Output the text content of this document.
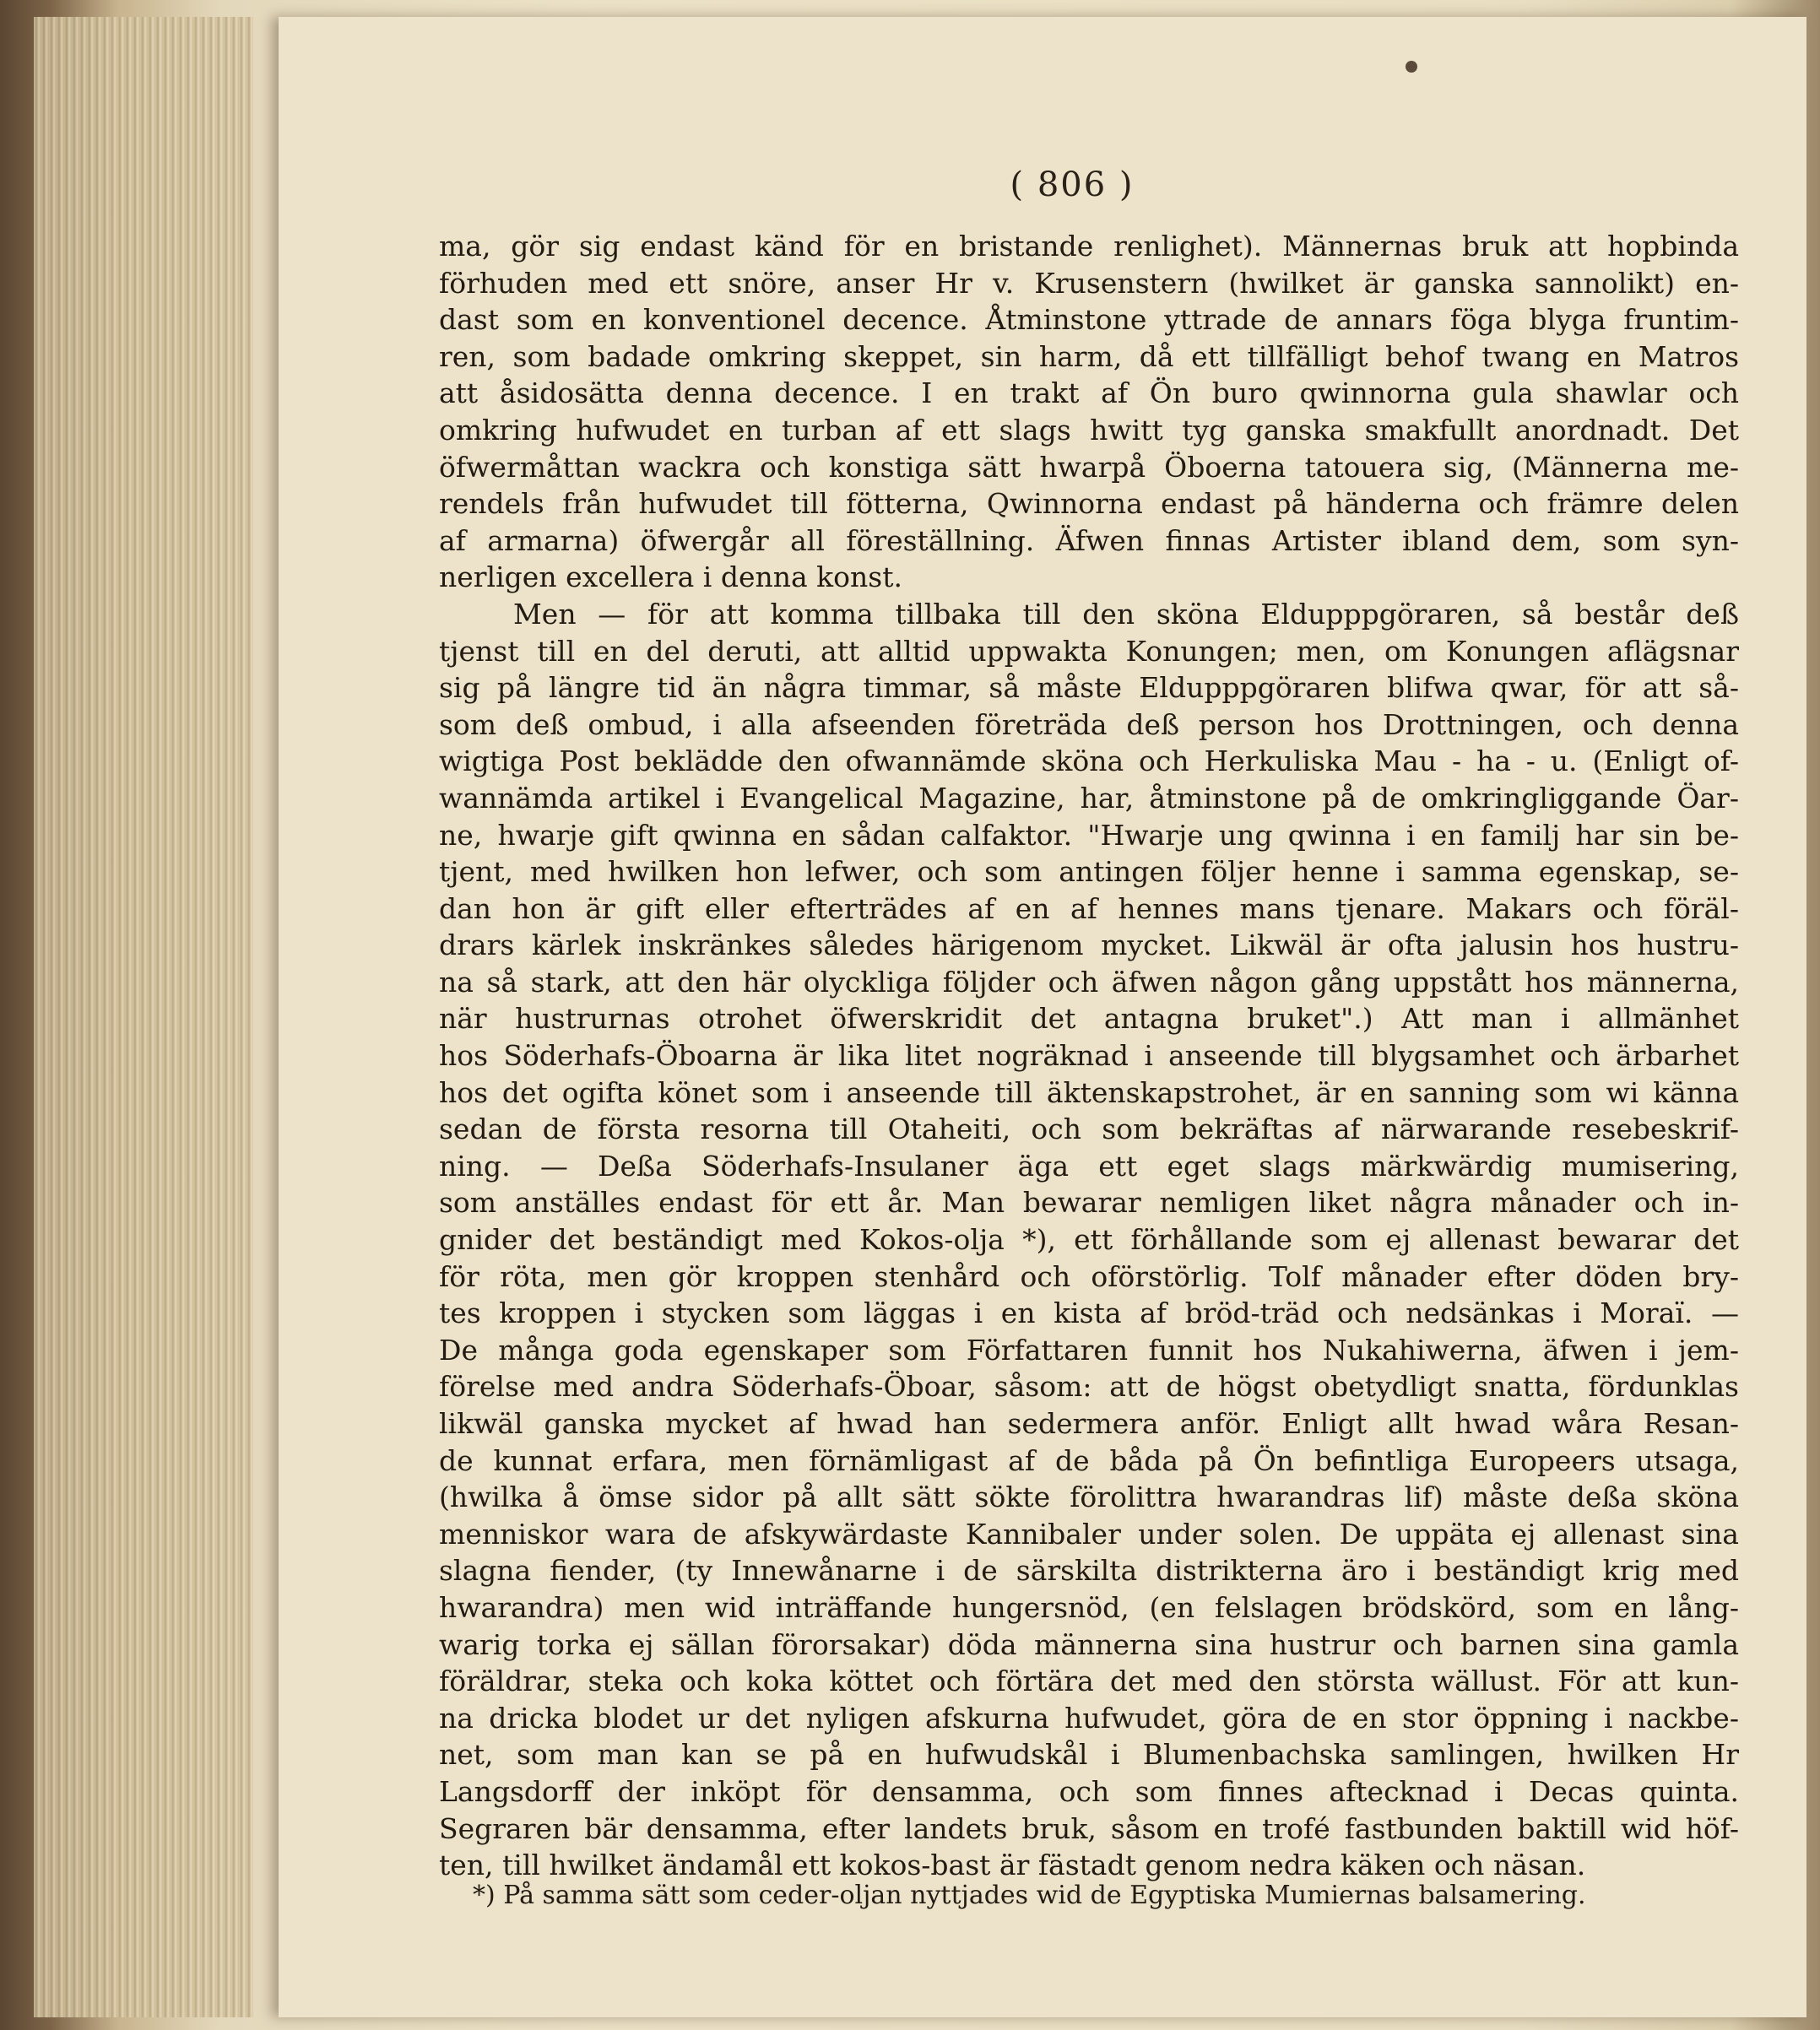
( 806 )
ma, gör sig endast känd för en bristande renlighet). Männernas bruk att hopbinda
förhuden med ett snöre, anser Hr v. Krusenstern (hwilket är ganska sannolikt) en-
dast som en konventionel decence. Åtminstone yttrade de annars föga blyga fruntim-
ren, som badade omkring skeppet, sin harm, då ett tillfälligt behof twang en Matros
att åsidosätta denna decence. I en trakt af Ön buro qwinnorna gula shawlar och
omkring hufwudet en turban af ett slags hwitt tyg ganska smakfullt anordnadt. Det
öfwermåttan wackra och konstiga sätt hwarpå Öboerna tatouera sig, (Männerna me-
rendels från hufwudet till fötterna, Qwinnorna endast på händerna och främre delen
af armarna) öfwergår all föreställning. Äfwen finnas Artister ibland dem, som syn-
nerligen excellera i denna konst.
Men — för att komma tillbaka till den sköna Eldupppgöraren, så består deß
tjenst till en del deruti, att alltid uppwakta Konungen; men, om Konungen aflägsnar
sig på längre tid än några timmar, så måste Eldupppgöraren blifwa qwar, för att så-
som deß ombud, i alla afseenden företräda deß person hos Drottningen, och denna
wigtiga Post beklädde den ofwannämde sköna och Herkuliska Mau - ha - u. (Enligt of-
wannämda artikel i Evangelical Magazine, har, åtminstone på de omkringliggande Öar-
ne, hwarje gift qwinna en sådan calfaktor. "Hwarje ung qwinna i en familj har sin be-
tjent, med hwilken hon lefwer, och som antingen följer henne i samma egenskap, se-
dan hon är gift eller efterträdes af en af hennes mans tjenare. Makars och föräl-
drars kärlek inskränkes således härigenom mycket. Likwäl är ofta jalusin hos hustru-
na så stark, att den här olyckliga följder och äfwen någon gång uppstått hos männerna,
när hustrurnas otrohet öfwerskridit det antagna bruket".) Att man i allmänhet
hos Söderhafs-Öboarna är lika litet nogräknad i anseende till blygsamhet och ärbarhet
hos det ogifta könet som i anseende till äktenskapstrohet, är en sanning som wi känna
sedan de första resorna till Otaheiti, och som bekräftas af närwarande resebeskrif-
ning. — Deßa Söderhafs-Insulaner äga ett eget slags märkwärdig mumisering,
som anställes endast för ett år. Man bewarar nemligen liket några månader och in-
gnider det beständigt med Kokos-olja *), ett förhållande som ej allenast bewarar det
för röta, men gör kroppen stenhård och oförstörlig. Tolf månader efter döden bry-
tes kroppen i stycken som läggas i en kista af bröd-träd och nedsänkas i Moraï. —
De många goda egenskaper som Författaren funnit hos Nukahiwerna, äfwen i jem-
förelse med andra Söderhafs-Öboar, såsom: att de högst obetydligt snatta, fördunklas
likwäl ganska mycket af hwad han sedermera anför. Enligt allt hwad wåra Resan-
de kunnat erfara, men förnämligast af de båda på Ön befintliga Europeers utsaga,
(hwilka å ömse sidor på allt sätt sökte förolittra hwarandras lif) måste deßa sköna
menniskor wara de afskywärdaste Kannibaler under solen. De uppäta ej allenast sina
slagna fiender, (ty Innewånarne i de särskilta distrikterna äro i beständigt krig med
hwarandra) men wid inträffande hungersnöd, (en felslagen brödskörd, som en lång-
warig torka ej sällan förorsakar) döda männerna sina hustrur och barnen sina gamla
föräldrar, steka och koka köttet och förtära det med den största wällust. För att kun-
na dricka blodet ur det nyligen afskurna hufwudet, göra de en stor öppning i nackbe-
net, som man kan se på en hufwudskål i Blumenbachska samlingen, hwilken Hr
Langsdorff der inköpt för densamma, och som finnes aftecknad i Decas quinta.
Segraren bär densamma, efter landets bruk, såsom en trofé fastbunden baktill wid höf-
ten, till hwilket ändamål ett kokos-bast är fästadt genom nedra käken och näsan.
*) På samma sätt som ceder-oljan nyttjades wid de Egyptiska Mumiernas balsamering.
